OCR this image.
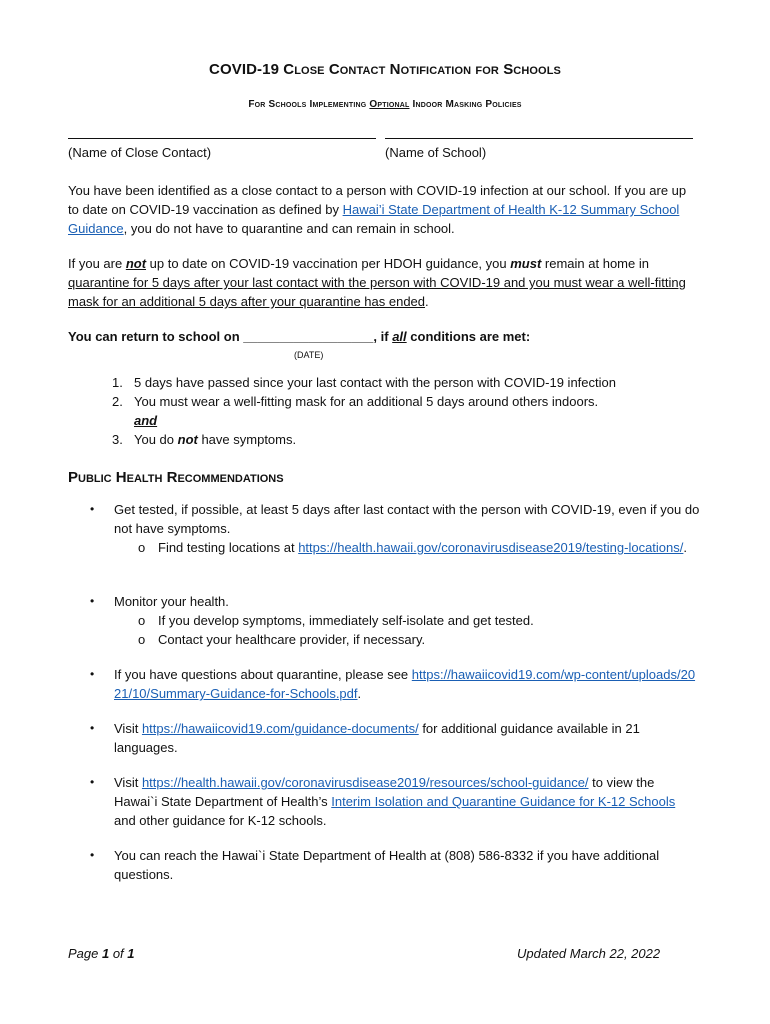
COVID-19 Close Contact Notification for Schools
For Schools Implementing Optional Indoor Masking Policies
(Name of Close Contact)	(Name of School)
You have been identified as a close contact to a person with COVID-19 infection at our school. If you are up to date on COVID-19 vaccination as defined by Hawai’i State Department of Health K-12 Summary School Guidance, you do not have to quarantine and can remain in school.
If you are not up to date on COVID-19 vaccination per HDOH guidance, you must remain at home in quarantine for 5 days after your last contact with the person with COVID-19 and you must wear a well-fitting mask for an additional 5 days after your quarantine has ended.
You can return to school on __________________, if all conditions are met:
(DATE)
1. 5 days have passed since your last contact with the person with COVID-19 infection
2. You must wear a well-fitting mask for an additional 5 days around others indoors.
and
3. You do not have symptoms.
Public Health Recommendations
•	Get tested, if possible, at least 5 days after last contact with the person with COVID-19, even if you do not have symptoms.
o Find testing locations at https://health.hawaii.gov/coronavirusdisease2019/testing-locations/.
•	Monitor your health.
o If you develop symptoms, immediately self-isolate and get tested.
o Contact your healthcare provider, if necessary.
•	If you have questions about quarantine, please see https://hawaiicovid19.com/wp-content/uploads/2021/10/Summary-Guidance-for-Schools.pdf.
•	Visit https://hawaiicovid19.com/guidance-documents/ for additional guidance available in 21 languages.
•	Visit https://health.hawaii.gov/coronavirusdisease2019/resources/school-guidance/ to view the Hawai`i State Department of Health’s Interim Isolation and Quarantine Guidance for K-12 Schools and other guidance for K-12 schools.
•	You can reach the Hawai`i State Department of Health at (808) 586-8332 if you have additional questions.
Page 1 of 1	Updated March 22, 2022
